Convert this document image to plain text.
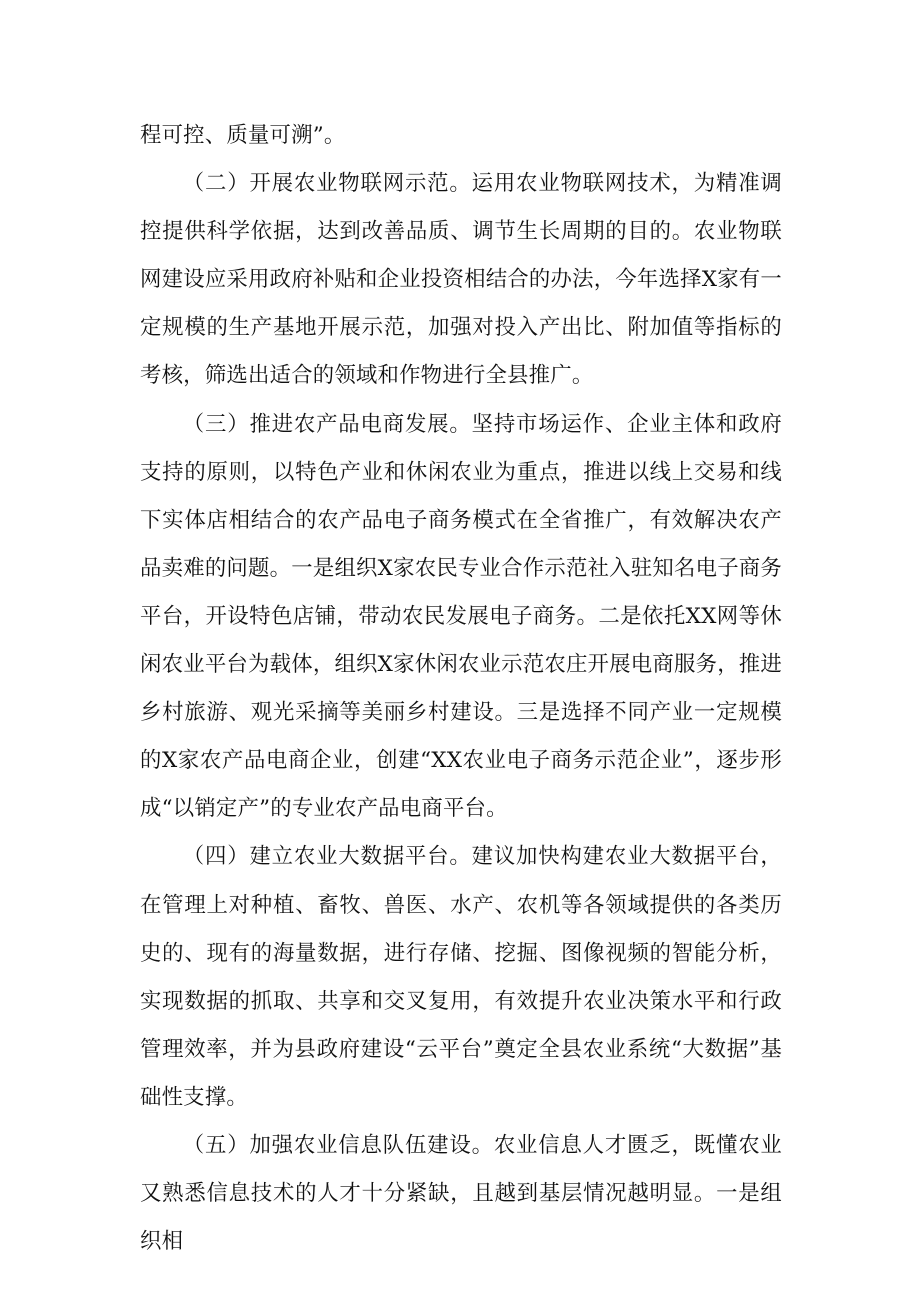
程可控、质量可溯”。

（二）开展农业物联网示范。运用农业物联网技术，为精准调控提供科学依据，达到改善品质、调节生长周期的目的。农业物联网建设应采用政府补贴和企业投资相结合的办法，今年选择X家有一定规模的生产基地开展示范，加强对投入产出比、附加值等指标的考核，筛选出适合的领域和作物进行全县推广。

（三）推进农产品电商发展。坚持市场运作、企业主体和政府支持的原则，以特色产业和休闲农业为重点，推进以线上交易和线下实体店相结合的农产品电子商务模式在全省推广，有效解决农产品卖难的问题。一是组织X家农民专业合作示范社入驻知名电子商务平台，开设特色店铺，带动农民发展电子商务。二是依托XX网等休闲农业平台为载体，组织X家休闲农业示范农庄开展电商服务，推进乡村旅游、观光采摘等美丽乡村建设。三是选择不同产业一定规模的X家农产品电商企业，创建“XX农业电子商务示范企业”，逐步形成“以销定产”的专业农产品电商平台。

（四）建立农业大数据平台。建议加快构建农业大数据平台，在管理上对种植、畜牧、兽医、水产、农机等各领域提供的各类历史的、现有的海量数据，进行存储、挖掘、图像视频的智能分析，实现数据的抓取、共享和交叉复用，有效提升农业决策水平和行政管理效率，并为县政府建设“云平台”奠定全县农业系统“大数据”基础性支撑。

（五）加强农业信息队伍建设。农业信息人才匮乏，既懂农业又熟悉信息技术的人才十分紧缺，且越到基层情况越明显。一是组织相
